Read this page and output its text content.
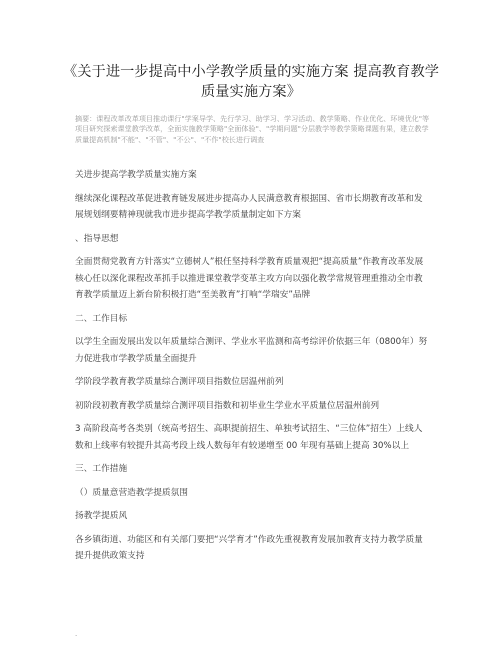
《关于进一步提高中小学教学质量的实施方案 提高教育教学质量实施方案》
摘要：课程改革改革项目推动课行"学案导学、先行学习、助学习、学习活动、教学策略、作业优化、环境优化"等项目研究探索课堂教学改革，全面实施教学策略"全面体验"、"学期问题"分层教学等教学策略课题有果，建立教学质量提高机制"不能"、"不管"、"不公"、"不作"校长进行调查
关进步提高学教学质量实施方案
继续深化课程改革促进教育链发展进步提高办人民满意教育根据国、省市长期教育改革和发展规划纲要精神现就我市进步提高学教学质量制定如下方案
、指导思想
全面贯彻党教育方针落实“立德树人”根任坚持科学教育质量观把“提高质量”作教育改革发展核心任以深化课程改革抓手以推进课堂教学变革主攻方向以强化教学常规管理重推动全市教育教学质量迈上新台阶积极打造“至美教育”打响“学瑞安”品牌
二、工作目标
以学生全面发展出发以年质量综合测评、学业水平监测和高考综评价依据三年（0800年）努力促进我市学教学质量全面提升
学阶段学教育教学质量综合测评项目指数位居温州前列
初阶段初教育教学质量综合测评项目指数和初毕业生学业水平质量位居温州前列
3 高阶段高考各类别（统高考招生、高职提前招生、单独考试招生、“三位体”招生）上线人数和上线率有较提升其高考段上线人数每年有较递增至 00 年现有基础上提高 30%以上
三、工作措施
（）质量意营造教学提质氛围
扬教学提质风
各乡镇街道、功能区和有关部门要把“兴学育才”作政先重视教育发展加教育支持力教学质量提升提供政策支持
.
